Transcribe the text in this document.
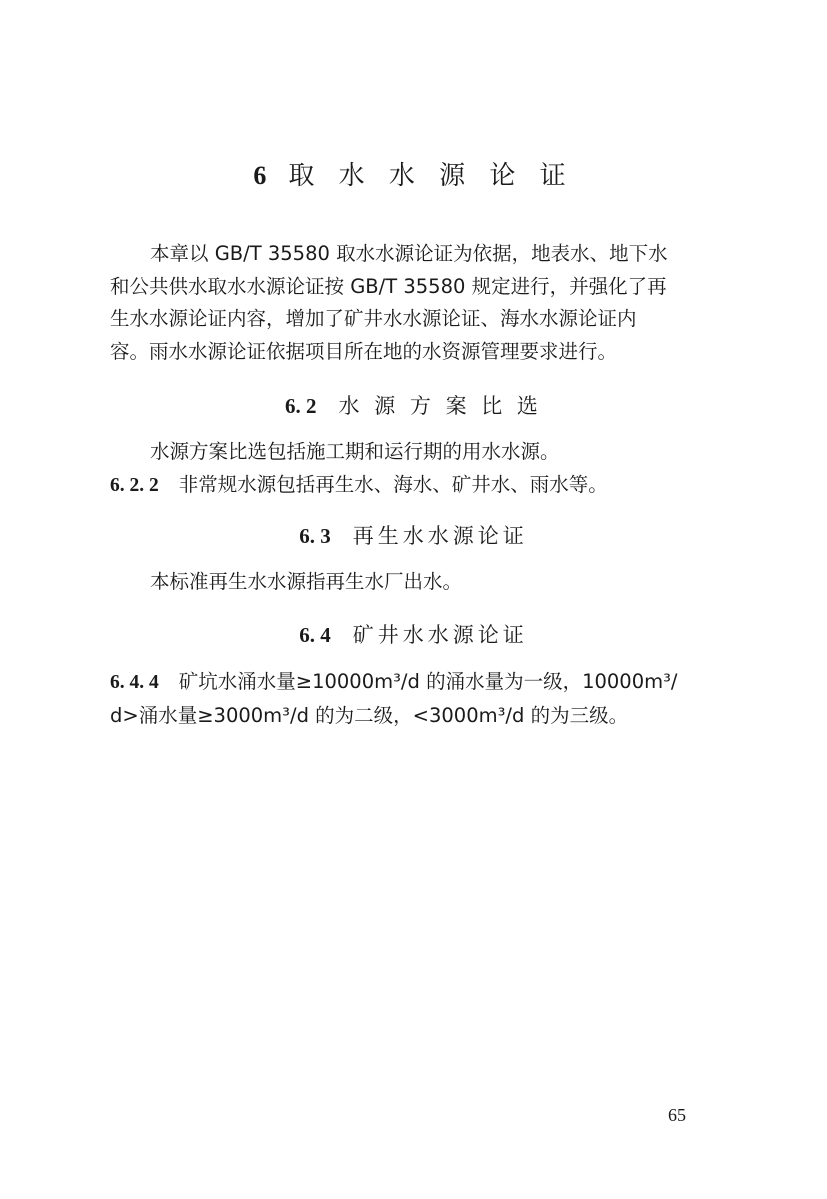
6 取 水 水 源 论 证
本章以 GB/T 35580 取水水源论证为依据，地表水、地下水
和公共供水取水水源论证按 GB/T 35580 规定进行，并强化了再
生水水源论证内容，增加了矿井水水源论证、海水水源论证内
容。雨水水源论证依据项目所在地的水资源管理要求进行。
6. 2 水 源 方 案 比 选
水源方案比选包括施工期和运行期的用水水源。
6. 2. 2 非常规水源包括再生水、海水、矿井水、雨水等。
6. 3 再生水水源论证
本标准再生水水源指再生水厂出水。
6. 4 矿井水水源论证
6. 4. 4 矿坑水涌水量≥10000m³/d 的涌水量为一级，10000m³/
d>涌水量≥3000m³/d 的为二级，<3000m³/d 的为三级。
65
